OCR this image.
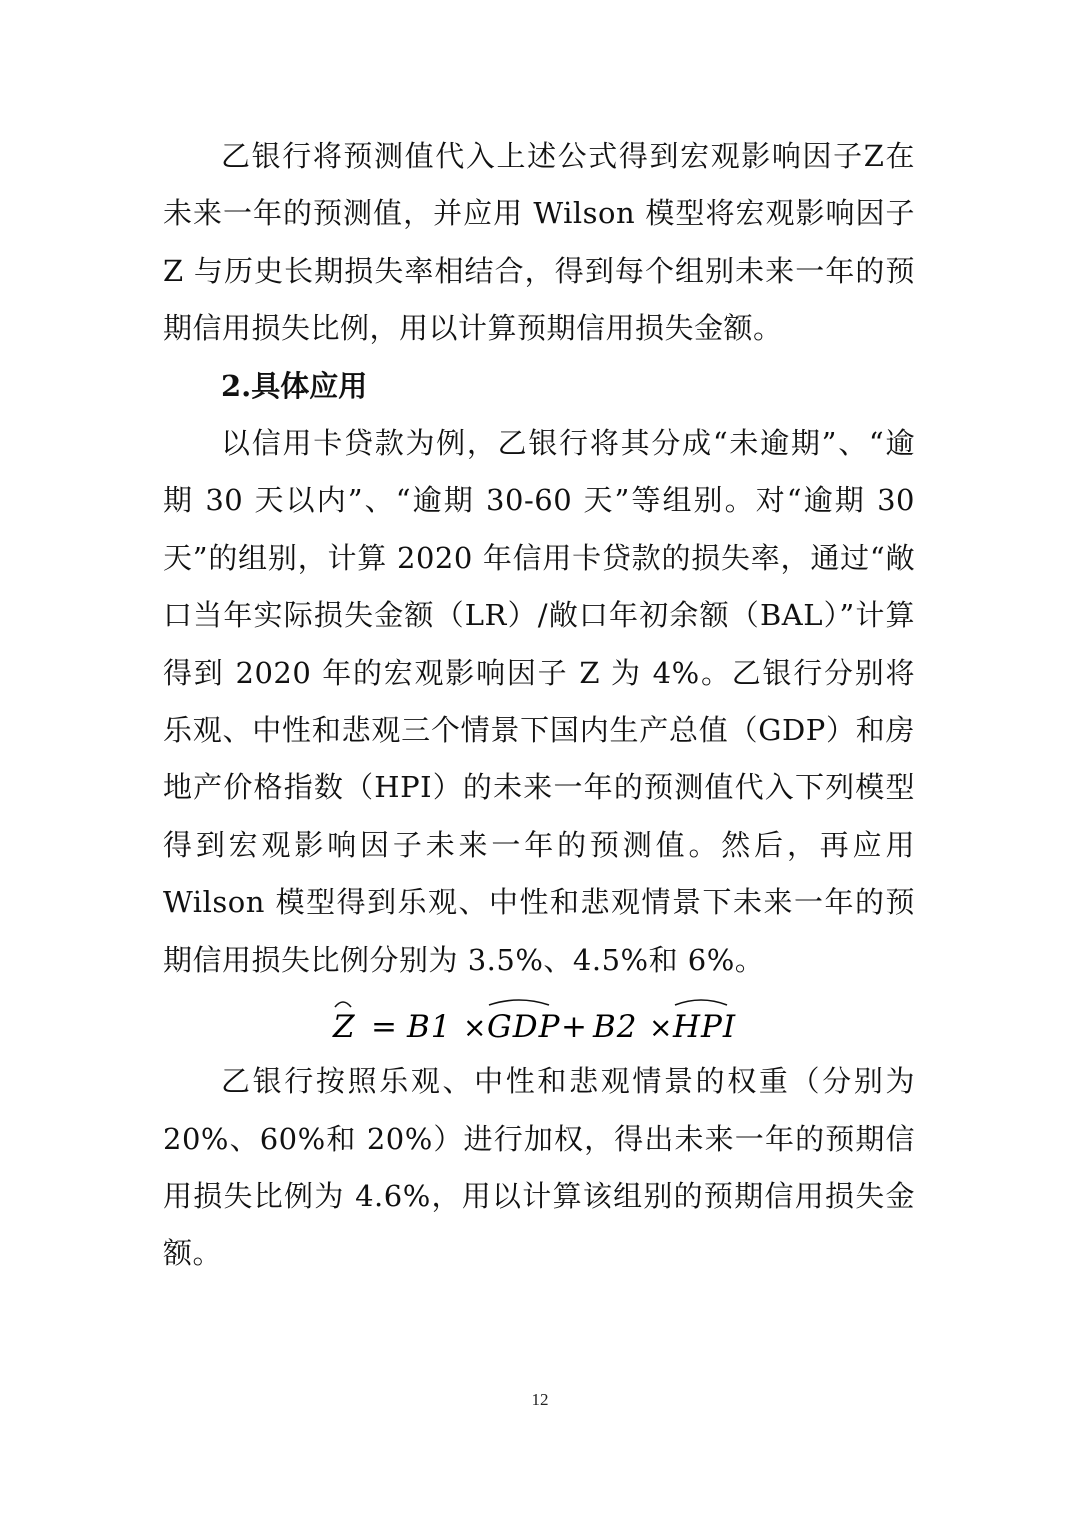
乙银行将预测值代入上述公式得到宏观影响因子Z在未来一年的预测值，并应用 Wilson 模型将宏观影响因子 Z 与历史长期损失率相结合，得到每个组别未来一年的预期信用损失比例，用以计算预期信用损失金额。

2.具体应用

以信用卡贷款为例，乙银行将其分成“未逾期”、“逾期 30 天以内”、“逾期 30-60 天”等组别。对“逾期 30 天”的组别，计算 2020 年信用卡贷款的损失率，通过“敞口当年实际损失金额（LR）/敞口年初余额（BAL）”计算得到 2020 年的宏观影响因子 Z 为 4%。乙银行分别将乐观、中性和悲观三个情景下国内生产总值（GDP）和房地产价格指数（HPI）的未来一年的预测值代入下列模型得到宏观影响因子未来一年的预测值。然后，再应用 Wilson 模型得到乐观、中性和悲观情景下未来一年的预期信用损失比例分别为 3.5%、4.5%和 6%。

Z = B1 × GDP + B2 × HPI

乙银行按照乐观、中性和悲观情景的权重（分别为 20%、60%和 20%）进行加权，得出未来一年的预期信用损失比例为 4.6%，用以计算该组别的预期信用损失金额。

12
